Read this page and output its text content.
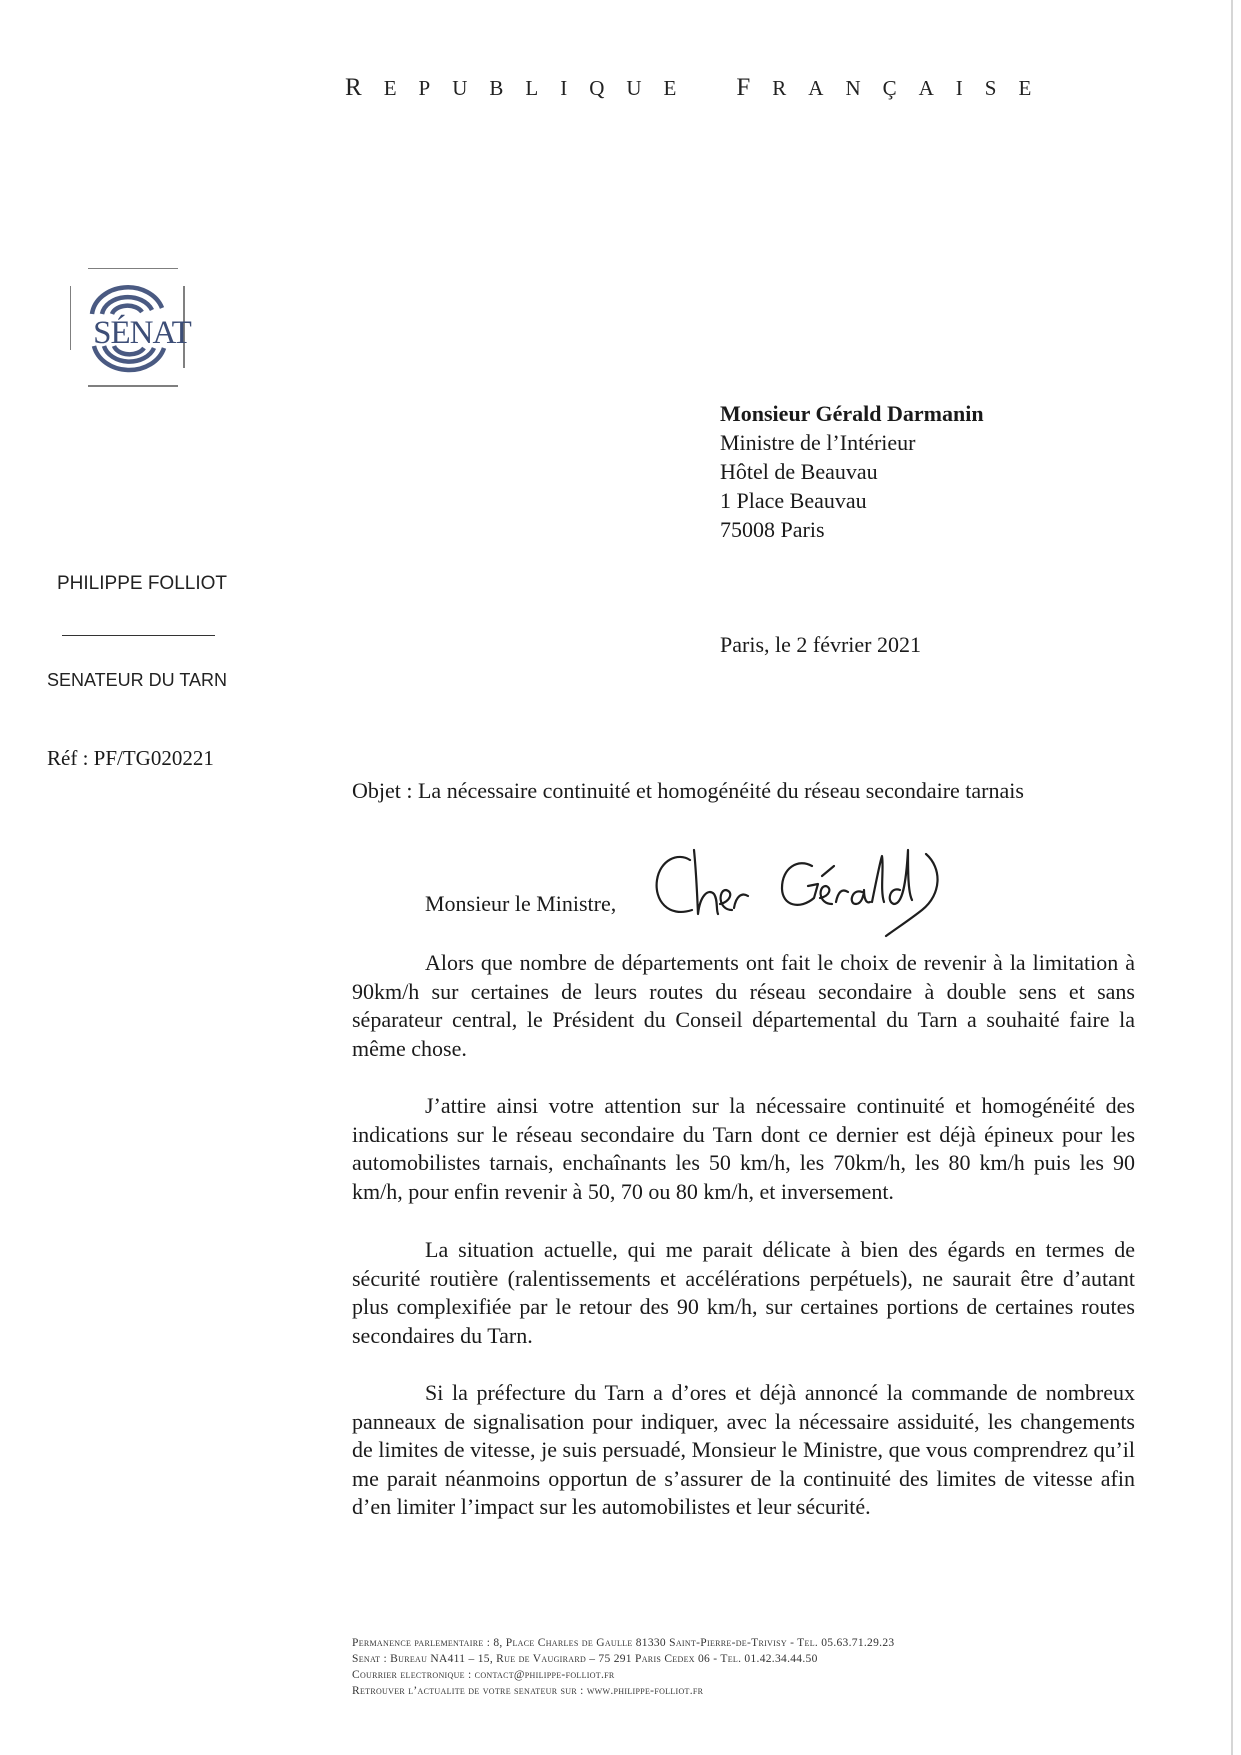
REPUBLIQUE FRANÇAISE
SÉNAT
PHILIPPE FOLLIOT
SENATEUR DU TARN
Réf : PF/TG020221
Monsieur Gérald Darmanin
Ministre de l’Intérieur
Hôtel de Beauvau
1 Place Beauvau
75008 Paris
Paris, le 2 février 2021
Objet : La nécessaire continuité et homogénéité du réseau secondaire tarnais
Monsieur le Ministre,
Alors que nombre de départements ont fait le choix de revenir à la limitation à 90km/h sur certaines de leurs routes du réseau secondaire à double sens et sans séparateur central, le Président du Conseil départemental du Tarn a souhaité faire la même chose.
J’attire ainsi votre attention sur la nécessaire continuité et homogénéité des indications sur le réseau secondaire du Tarn dont ce dernier est déjà épineux pour les automobilistes tarnais, enchaînants les 50 km/h, les 70km/h, les 80 km/h puis les 90 km/h, pour enfin revenir à 50, 70 ou 80 km/h, et inversement.
La situation actuelle, qui me parait délicate à bien des égards en termes de sécurité routière (ralentissements et accélérations perpétuels), ne saurait être d’autant plus complexifiée par le retour des 90 km/h, sur certaines portions de certaines routes secondaires du Tarn.
Si la préfecture du Tarn a d’ores et déjà annoncé la commande de nombreux panneaux de signalisation pour indiquer, avec la nécessaire assiduité, les changements de limites de vitesse, je suis persuadé, Monsieur le Ministre, que vous comprendrez qu’il me parait néanmoins opportun de s’assurer de la continuité des limites de vitesse afin d’en limiter l’impact sur les automobilistes et leur sécurité.
Permanence parlementaire : 8, Place Charles de Gaulle 81330 Saint-Pierre-de-Trivisy - Tel. 05.63.71.29.23
Senat : Bureau NA411 – 15, Rue de Vaugirard – 75 291 Paris Cedex 06 - Tel. 01.42.34.44.50
Courrier electronique : contact@philippe-folliot.fr
Retrouver l’actualite de votre senateur sur : www.philippe-folliot.fr
